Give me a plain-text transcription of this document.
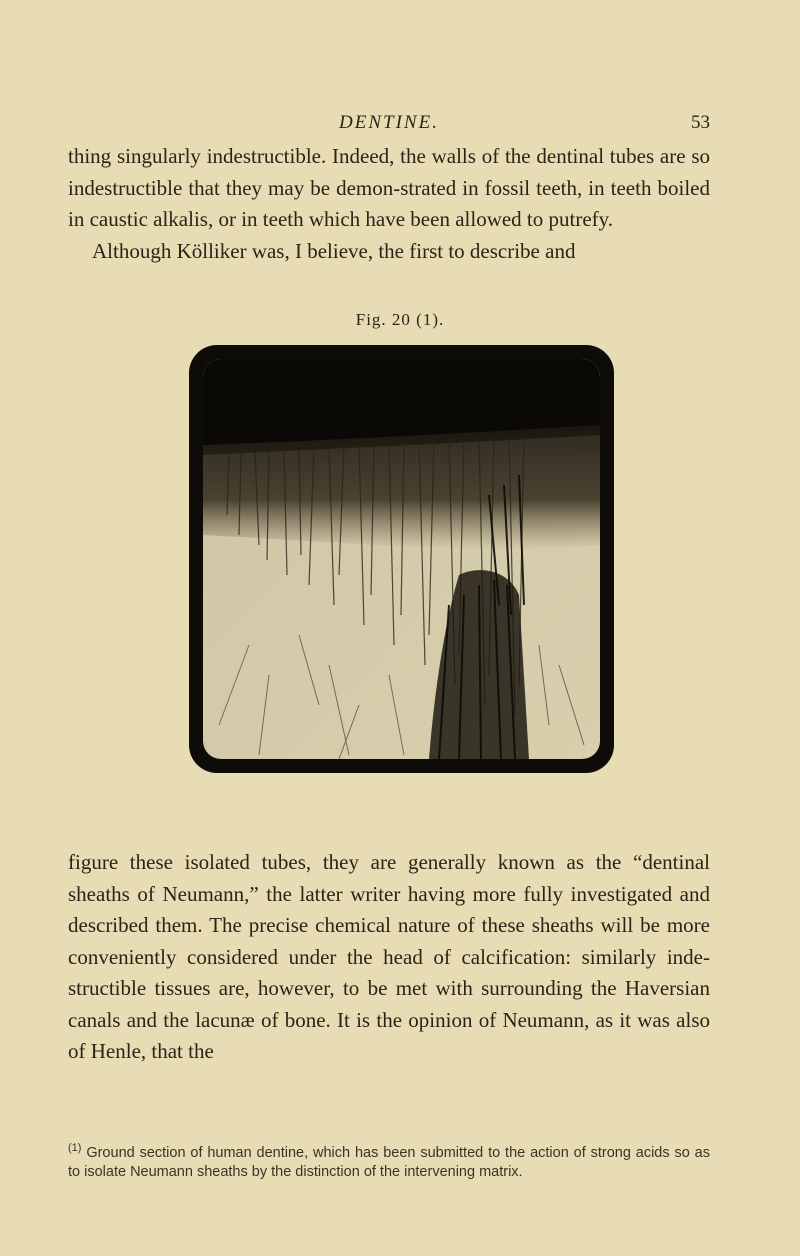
DENTINE.	53

thing singularly indestructible. Indeed, the walls of the dentinal tubes are so indestructible that they may be demon-strated in fossil teeth, in teeth boiled in caustic alkalis, or in teeth which have been allowed to putrefy.

Although Kölliker was, I believe, the first to describe and

Fig. 20 (1).

figure these isolated tubes, they are generally known as the “dentinal sheaths of Neumann,” the latter writer having more fully investigated and described them. The precise chemical nature of these sheaths will be more conveniently considered under the head of calcification: similarly inde-structible tissues are, however, to be met with surrounding the Haversian canals and the lacunæ of bone. It is the opinion of Neumann, as it was also of Henle, that the

$^{(1)}$ Ground section of human dentine, which has been submitted to the action of strong acids so as to isolate Neumann sheaths by the distinction of the intervening matrix.
